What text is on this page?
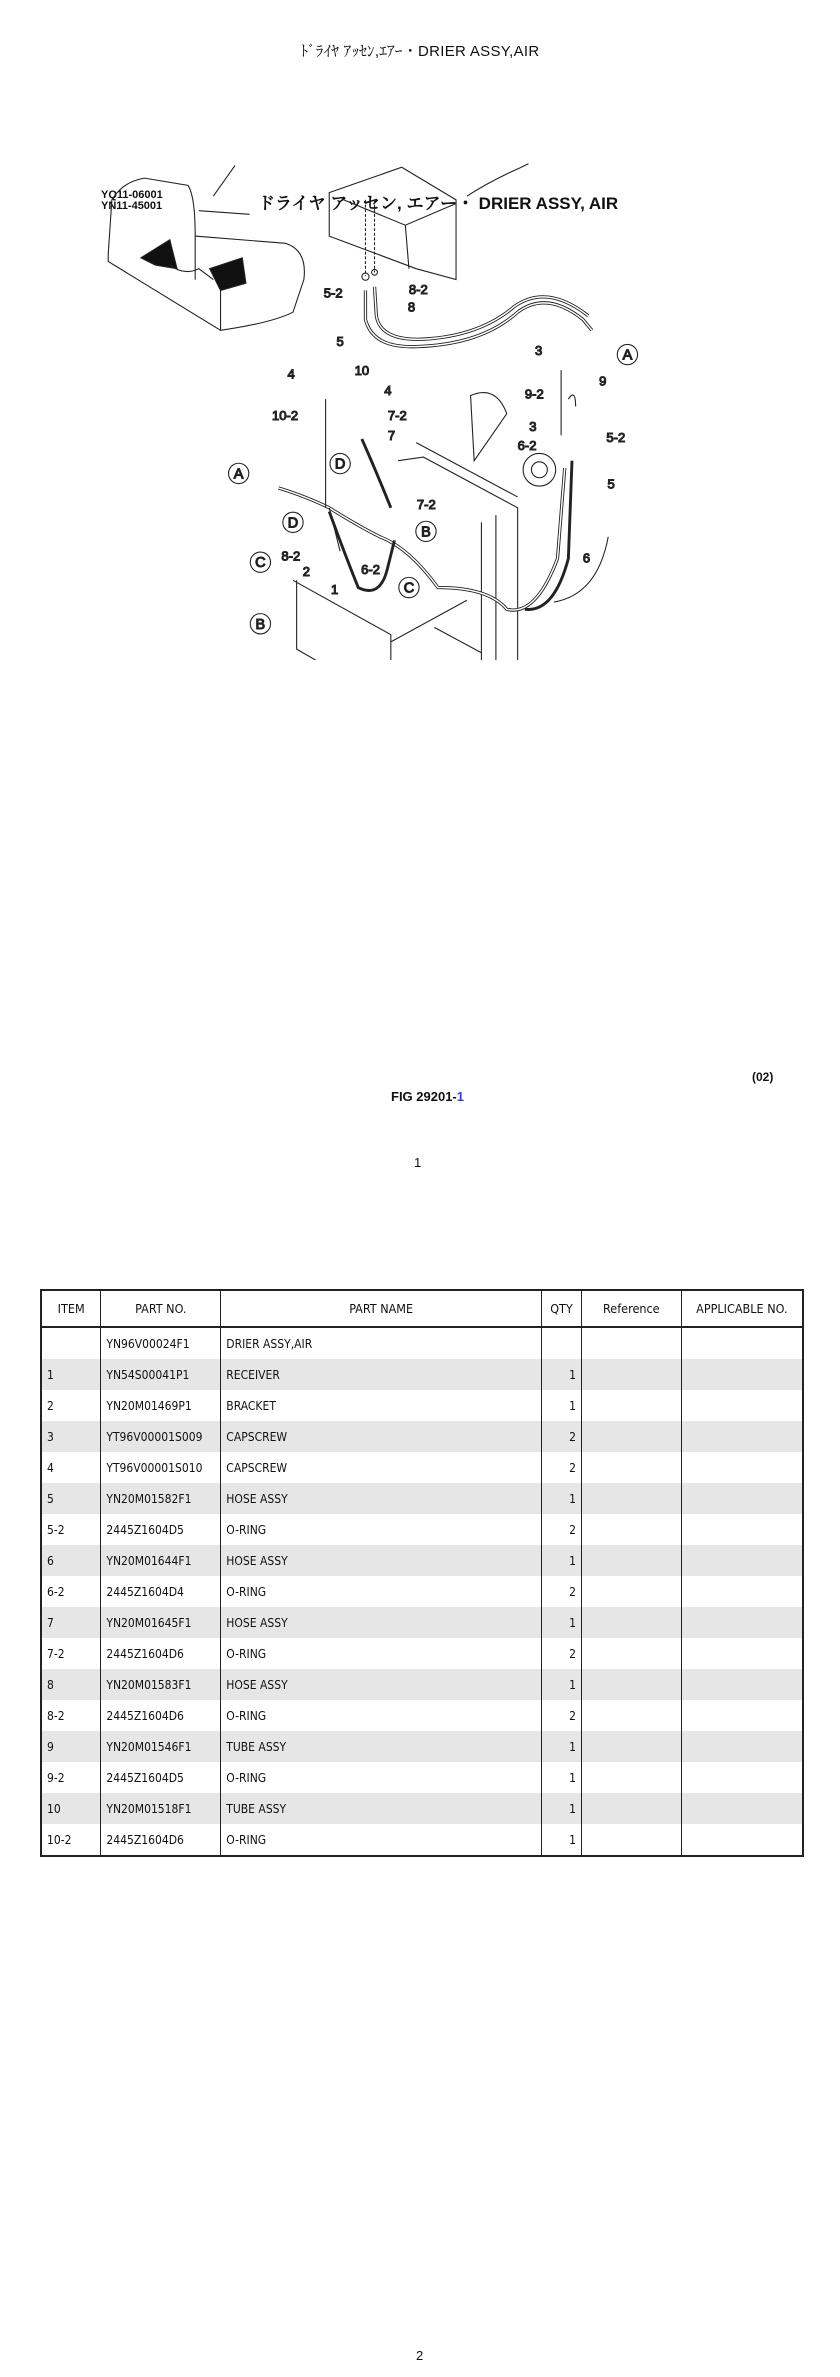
ﾄﾞﾗｲﾔ ｱｯｾﾝ,ｴｱｰ・DRIER ASSY,AIR
YQ11-06001
YN11-45001	ドライヤ アッセン, エアー・ DRIER ASSY, AIR
5-2 8-2
8
5
3
9
9-2
3
5-2
6-2
5
6
4 10
4
10-2 7-2
7
7-2
8-2
2
1
6-2
A
A
B
B
C
C
D
D
(02)
FIG 29201-1
1
ITEM	PART NO.	PART NAME	QTY	Reference	APPLICABLE NO.
	YN96V00024F1	DRIER ASSY,AIR			
1	YN54S00041P1	RECEIVER	1		
2	YN20M01469P1	BRACKET	1		
3	YT96V00001S009	CAPSCREW	2		
4	YT96V00001S010	CAPSCREW	2		
5	YN20M01582F1	HOSE ASSY	1		
5-2	2445Z1604D5	O-RING	2		
6	YN20M01644F1	HOSE ASSY	1		
6-2	2445Z1604D4	O-RING	2		
7	YN20M01645F1	HOSE ASSY	1		
7-2	2445Z1604D6	O-RING	2		
8	YN20M01583F1	HOSE ASSY	1		
8-2	2445Z1604D6	O-RING	2		
9	YN20M01546F1	TUBE ASSY	1		
9-2	2445Z1604D5	O-RING	1		
10	YN20M01518F1	TUBE ASSY	1		
10-2	2445Z1604D6	O-RING	1		
2
